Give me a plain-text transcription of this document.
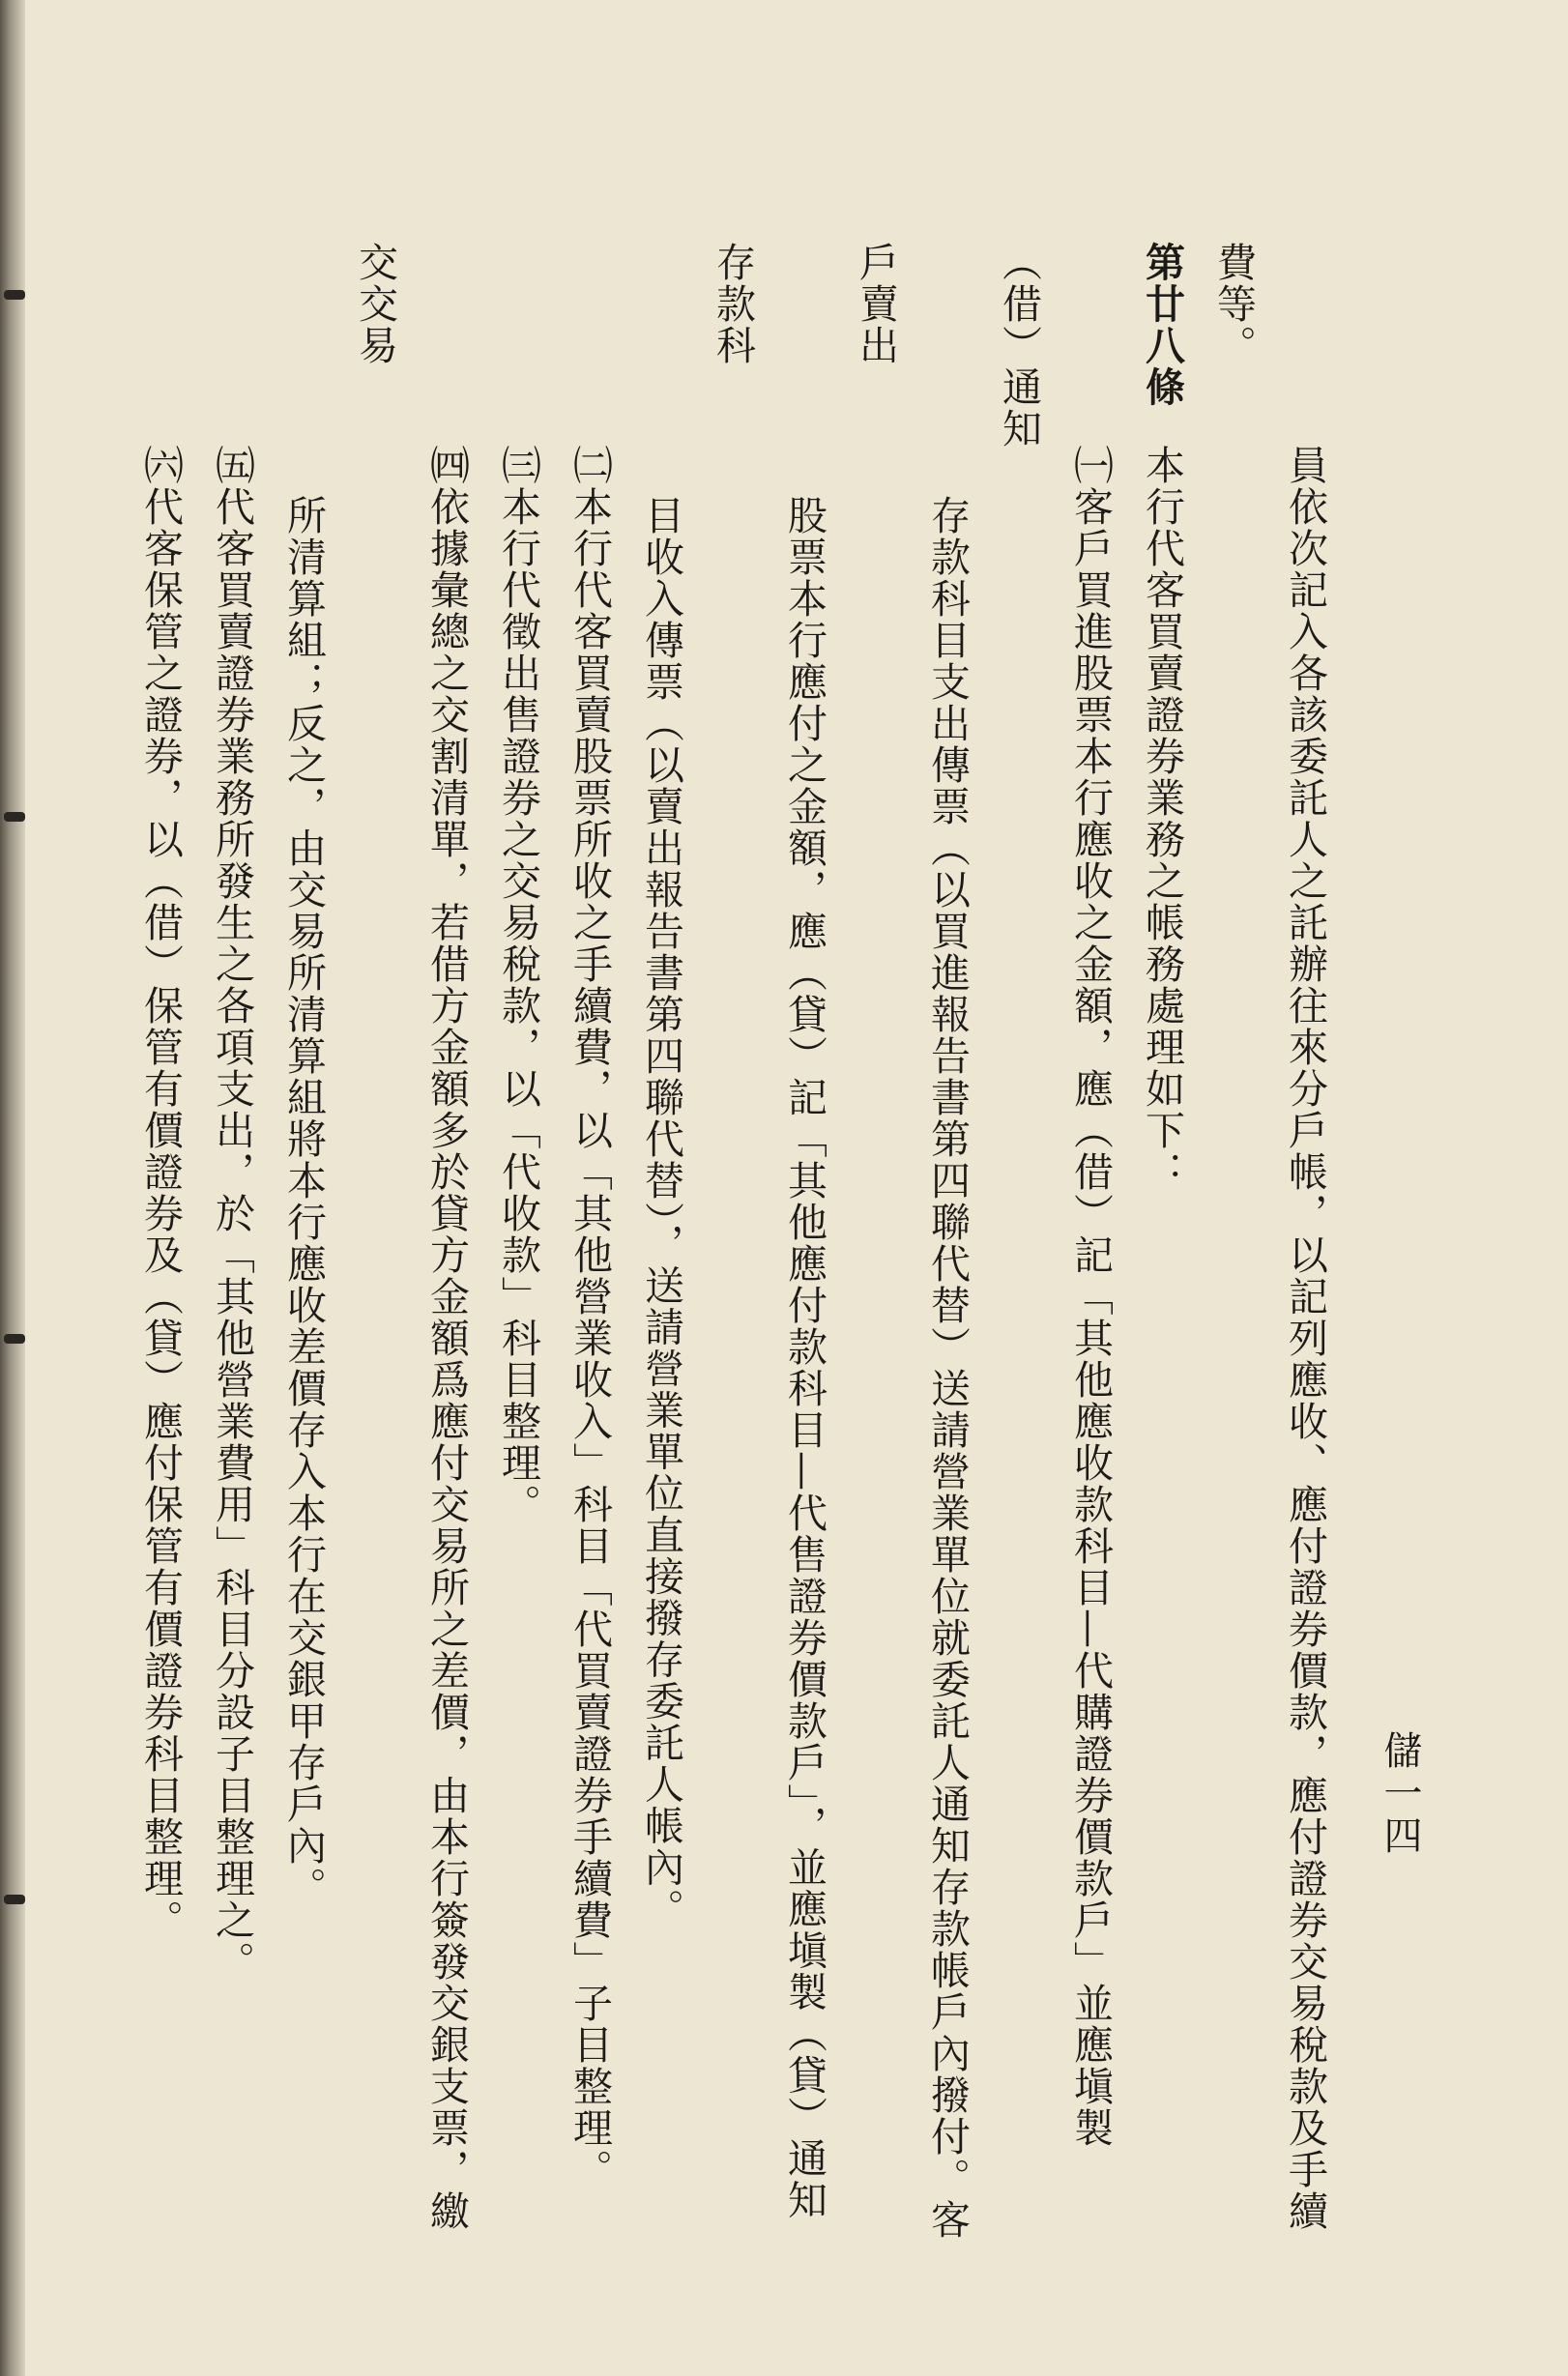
儲一四
員依次記入各該委託人之託辦往來分戶帳，以記列應收、應付證券價款，應付證券交易稅款及手續費等。
第廿八條本行代客買賣證券業務之帳務處理如下：
㈠客戶買進股票本行應收之金額，應（借）記「其他應收款科目—代購證券價款戶」並應塡製（借）通知
存款科目支出傳票（以買進報告書第四聯代替）送請營業單位就委託人通知存款帳戶內撥付。客戶賣出
股票本行應付之金額，應（貸）記「其他應付款科目—代售證券價款戶」，並應塡製（貸）通知存款科
目收入傳票（以賣出報告書第四聯代替），送請營業單位直接撥存委託人帳內。
㈡本行代客買賣股票所收之手續費，以「其他營業收入」科目「代買賣證券手續費」子目整理。
㈢本行代徵出售證券之交易稅款，以「代收款」科目整理。
㈣依據彙總之交割清單，若借方金額多於貸方金額爲應付交易所之差價，由本行簽發交銀支票，繳交交易
所清算組；反之，由交易所清算組將本行應收差價存入本行在交銀甲存戶內。
㈤代客買賣證券業務所發生之各項支出，於「其他營業費用」科目分設子目整理之。
㈥代客保管之證券，以（借）保管有價證券及（貸）應付保管有價證券科目整理。
